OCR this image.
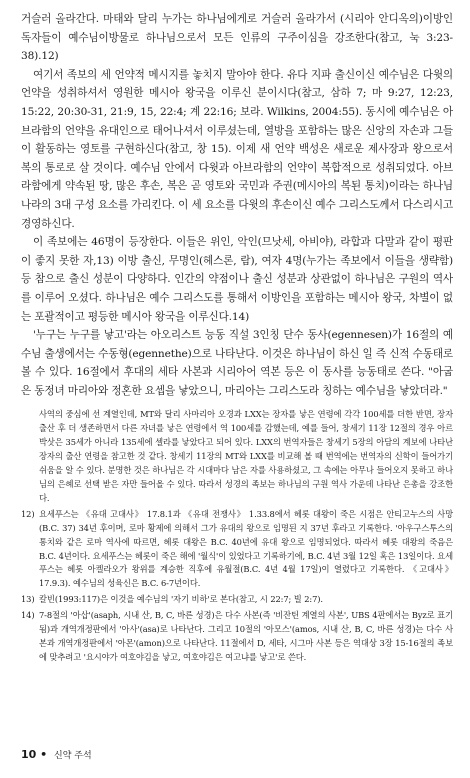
거슬러 올라간다. 마태와 달리 누가는 하나님에게로 거슬러 올라가서 (시리아 안디옥의)이방인 독자들이 예수님이방물로 하나님으로서 모든 인류의 구주이심을 강조한다(참고, 눅 3:23-38).12)

여기서 족보의 세 언약적 메시지를 놓치지 말아야 한다. 유다 지파 출신이신 예수님은 다윗의 언약을 성취하셔서 영원한 메시아 왕국을 이루신 분이시다(참고, 삼하 7; 마 9:27, 12:23, 15:22, 20:30-31, 21:9, 15, 22:4; 계 22:16; 보라. Wilkins, 2004:55). 동시에 예수님은 아브라함의 언약을 유대인으로 태어나셔서 이루셨는데, 열방을 포함하는 많은 신앙의 자손과 그들이 활동하는 영토를 구현하신다(참고, 창 15). 이제 새 언약 백성은 새로운 제사장과 왕으로서 복의 통로로 살 것이다. 예수님 안에서 다윗과 아브라함의 언약이 복합적으로 성취되었다. 아브라함에게 약속된 땅, 많은 후손, 복은 곧 영토와 국민과 주권(메시아의 복된 통치)이라는 하나님 나라의 3대 구성 요소를 가리킨다. 이 세 요소를 다윗의 후손이신 예수 그리스도께서 다스리시고 경영하신다.

이 족보에는 46명이 등장한다. 이들은 위인, 악인(므낫세, 아비야), 라합과 다말과 같이 평판이 좋지 못한 자,13) 이방 출신, 무명인(헤스론, 람), 여자 4명(누가는 족보에서 이들을 생략함) 등 참으로 출신 성분이 다양하다. 인간의 약점이나 출신 성분과 상관없이 하나님은 구원의 역사를 이루어 오셨다. 하나님은 예수 그리스도를 통해서 이방인을 포함하는 메시아 왕국, 차별이 없는 포괄적이고 평등한 메시아 왕국을 이루신다.14)

'누구는 누구를 낳고'라는 아오리스트 능동 직설 3인칭 단수 동사(egennesen)가 16절의 예수님 출생에서는 수동형(egennethe)으로 나타난다. 이것은 하나님이 하신 일 즉 신적 수동태로 볼 수 있다. 16절에서 후대의 세타 사본과 시리아어 역본 등은 이 동사를 능동태로 쓴다. "아굽은 동정녀 마리아와 정혼한 요셉을 낳았으니, 마리아는 그리스도라 칭하는 예수님을 낳았더라."

사역의 중심에 선 계열인데, MT와 달리 사마리아 오경과 LXX는 장자를 낳은 연령에 각각 100세를 더한 반면, 장자 출산 후 더 생존하면서 다른 자녀를 낳은 연령에서 역 100세를 감했는데, 예를 들어, 창세기 11장 12절의 경우 아르박삿은 35세가 아니라 135세에 셀라를 낳았다고 되어 있다. LXX의 번역자들은 창세기 5장의 아담의 계보에 나타난 장자의 출산 연령을 참고한 것 같다. 창세기 11장의 MT와 LXX를 비교해 볼 때 번역에는 번역자의 신학이 들어가기 쉬움을 알 수 있다. 분명한 것은 하나님은 각 시대마다 남은 자를 사용하셨고, 그 속에는 아무나 들어오지 못하고 하나님의 은혜로 선택 받은 자만 들어올 수 있다. 따라서 성경의 족보는 하나님의 구원 역사 가운데 나타난 은총을 강조한다.
12) 요세푸스는 《유대 고대사》 17.8.1과 《유대 전쟁사》 1.33.8에서 헤롯 대왕이 죽은 시점은 안티고누스의 사망(B.C. 37) 34년 후이며, 로마 황제에 의해서 그가 유대의 왕으로 임명된 지 37년 후라고 기록한다. '아우구스투스의 통치와 같은 로마 역사에 따르면, 헤롯 대왕은 B.C. 40년에 유대 왕으로 임명되었다. 따라서 헤롯 대왕의 죽음은 B.C. 4년이다. 요세푸스는 헤롯이 죽은 해에 '월식'이 있었다고 기록하기에, B.C. 4년 3월 12일 혹은 13일이다. 요세푸스는 헤롯 아켈라오가 왕위를 계승한 직후에 유월절(B.C. 4년 4월 17일)이 열렸다고 기록한다. 《고대사》 17.9.3). 예수님의 성육신은 B.C. 6-7년이다.
13) 칼빈(1993:117)은 이것을 예수님의 '자기 비하'로 본다(참고, 시 22:7; 빌 2:7).
14) 7-8절의 '아삽'(asaph, 시내 산, B, C, 바른 성경)은 다수 사본(즉 '비잔틴 계열의 사본', UBS 4판에서는 Byz로 표기됨)과 개역개정판에서 '아사'(asa)로 나타난다. 그리고 10절의 '아모스'(amos, 시내 산, B, C, 바른 성경)는 다수 사본과 개역개정판에서 '아몬'(amon)으로 나타난다. 11절에서 D, 세타, 시그마 사본 등은 역대상 3장 15-16절의 족보에 맞추려고 '요시야가 여호야김을 낳고, 여호야김은 여고냐를 낳고'로 쓴다.
10 • 신약 주석
